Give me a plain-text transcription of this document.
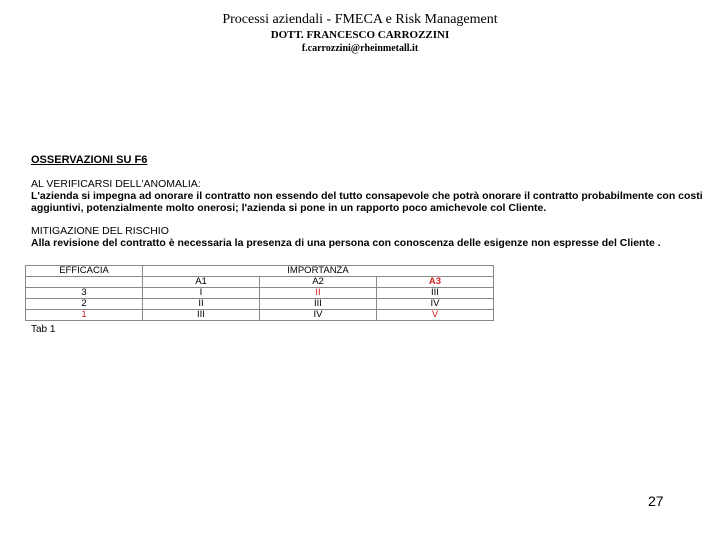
Processi aziendali - FMECA e Risk Management
DOTT. FRANCESCO CARROZZINI
f.carrozzini@rheinmetall.it
OSSERVAZIONI SU F6
AL VERIFICARSI DELL'ANOMALIA:
L'azienda si impegna ad onorare il contratto non essendo del tutto consapevole che potrà onorare il contratto probabilmente con costi aggiuntivi, potenzialmente molto onerosi; l'azienda si pone in un rapporto poco amichevole col Cliente.
MITIGAZIONE DEL RISCHIO
Alla revisione del contratto è necessaria la presenza di una persona con conoscenza delle esigenze non espresse del Cliente .
EFFICACIA	IMPORTANZA		
	A1	A2	A3
3	I	II	III
2	II	III	IV
1	III	IV	V
Tab 1
27
